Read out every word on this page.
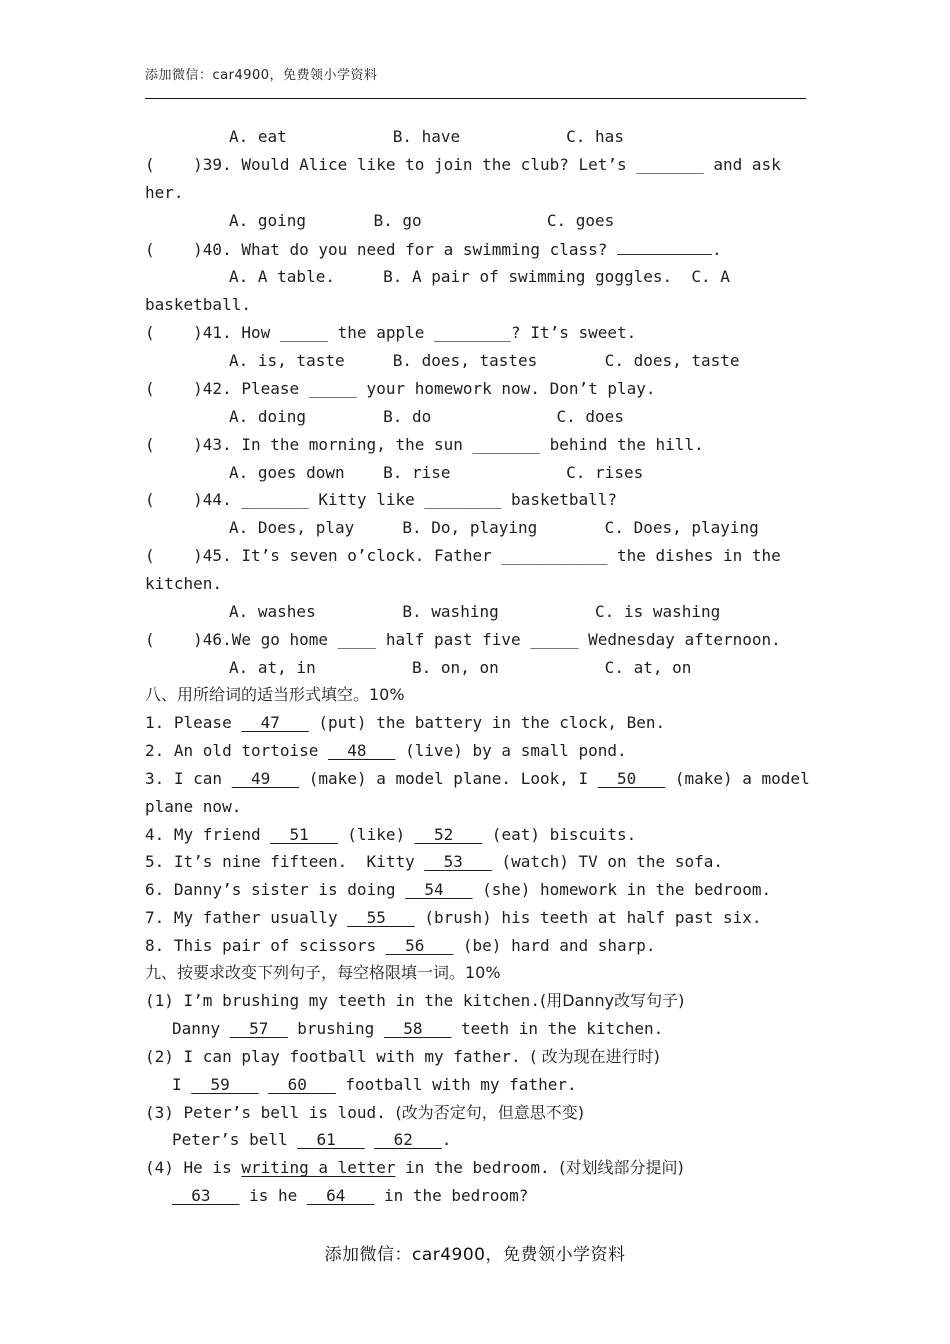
添加微信：car4900，免费领小学资料
A. eat           B. have           C. has
(    )39. Would Alice like to join the club? Let’s _______ and ask
her.
A. going       B. go             C. goes
(    )40. What do you need for a swimming class?	.
A. A table.     B. A pair of swimming goggles.  C. A
basketball.
(    )41. How _____ the apple ________? It’s sweet.
A. is, taste     B. does, tastes       C. does, taste
(    )42. Please _____ your homework now. Don’t play.
A. doing        B. do             C. does
(    )43. In the morning, the sun _______ behind the hill.
A. goes down    B. rise            C. rises
(    )44. _______ Kitty like ________ basketball?
A. Does, play     B. Do, playing       C. Does, playing
(    )45. It’s seven o’clock. Father ___________ the dishes in the
kitchen.
A. washes         B. washing          C. is washing
(    )46.We go home ____ half past five _____ Wednesday afternoon.
A. at, in          B. on, on           C. at, on
八、用所给词的适当形式填空。10%
1. Please __47___ (put) the battery in the clock, Ben.
2. An old tortoise __48___ (live) by a small pond.
3. I can __49___ (make) a model plane. Look, I __50___ (make) a model
plane now.
4. My friend __51___ (like) __52___ (eat) biscuits.
5. It’s nine fifteen.  Kitty __53___ (watch) TV on the sofa.
6. Danny’s sister is doing __54___ (she) homework in the bedroom.
7. My father usually __55___ (brush) his teeth at half past six.
8. This pair of scissors __56___ (be) hard and sharp.
九、按要求改变下列句子，每空格限填一词。10%
(1) I’m brushing my teeth in the kitchen.(用Danny改写句子)
Danny __57__ brushing __58___ teeth in the kitchen.
(2) I can play football with my father. ( 改为现在进行时)
I __59___ __60___ football with my father.
(3) Peter’s bell is loud. (改为否定句，但意思不变)
Peter’s bell __61___ __62___.
(4) He is writing a letter in the bedroom. (对划线部分提问)
__63___ is he __64___ in the bedroom?
添加微信：car4900，免费领小学资料
